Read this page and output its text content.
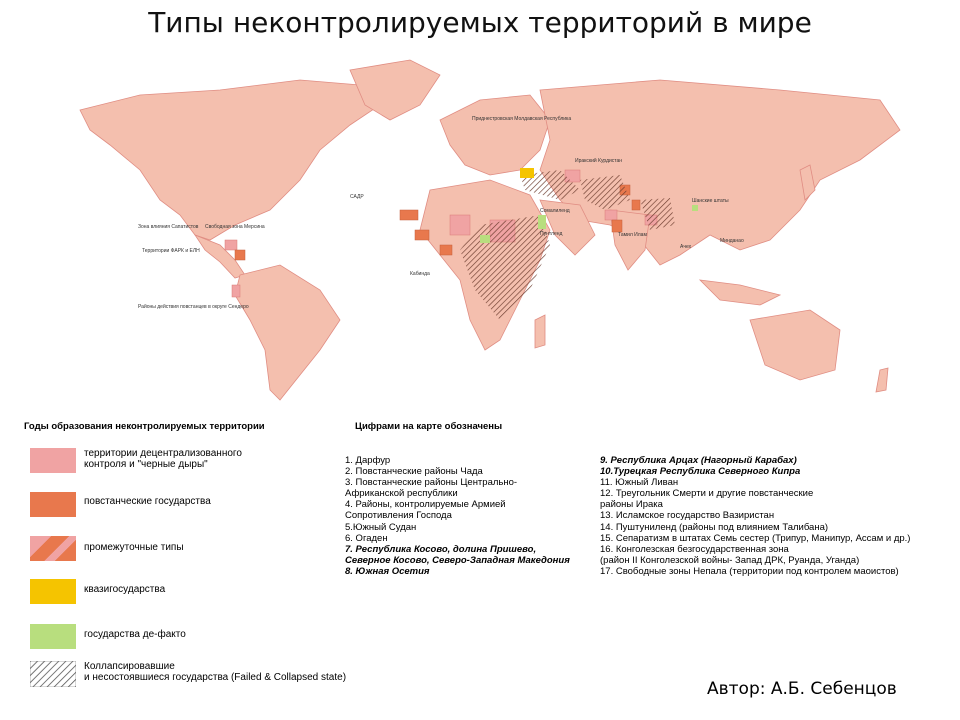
Типы неконтролируемых территорий в мире
Приднестровская Молдавская Республика
САДР
Зона влияния Сапатистов Свободная зона Мерсина
Территории ФАРК и ЕЛН
Районы действия повстанцев в округе Сендеро
Сомалиленд
Пунтленд
Иракский Курдистан
Минданао
Тамил Илам
Кабинда
Шанские штаты
Ачех
Годы образования неконтролируемых территории
территории децентрализованного
контроля и "черные дыры"
повстанческие государства
промежуточные типы
квазигосударства
государства де-факто
Коллапсировавшие
и несостоявшиеся государства (Failed & Collapsed state)
Цифрами на карте обозначены
1. Дарфур
2. Повстанческие районы Чада
3. Повстанческие районы Центрально-
Африканской республики
4. Районы, контролируемые Армией
Сопротивления Господа
5.Южный Судан
6. Огаден
7. Республика Косово, долина Пришево,
Северное Косово, Северо-Западная Македония
8. Южная Осетия
9. Республика Арцах (Нагорный Карабах)
10.Турецкая Республика Северного Кипра
11. Южный Ливан
12. Треугольник Смерти и другие повстанческие
районы Ирака
13. Исламское государство Вазиристан
14. Пуштуниленд (районы под влиянием Талибана)
15. Сепаратизм в штатах Семь сестер (Трипур, Манипур, Ассам и др.)
16. Конголезская безгосударственная зона
(район II Конголезской войны- Запад ДРК, Руанда, Уганда)
17. Свободные зоны Непала (территории под контролем маоистов)
Автор: А.Б. Себенцов
